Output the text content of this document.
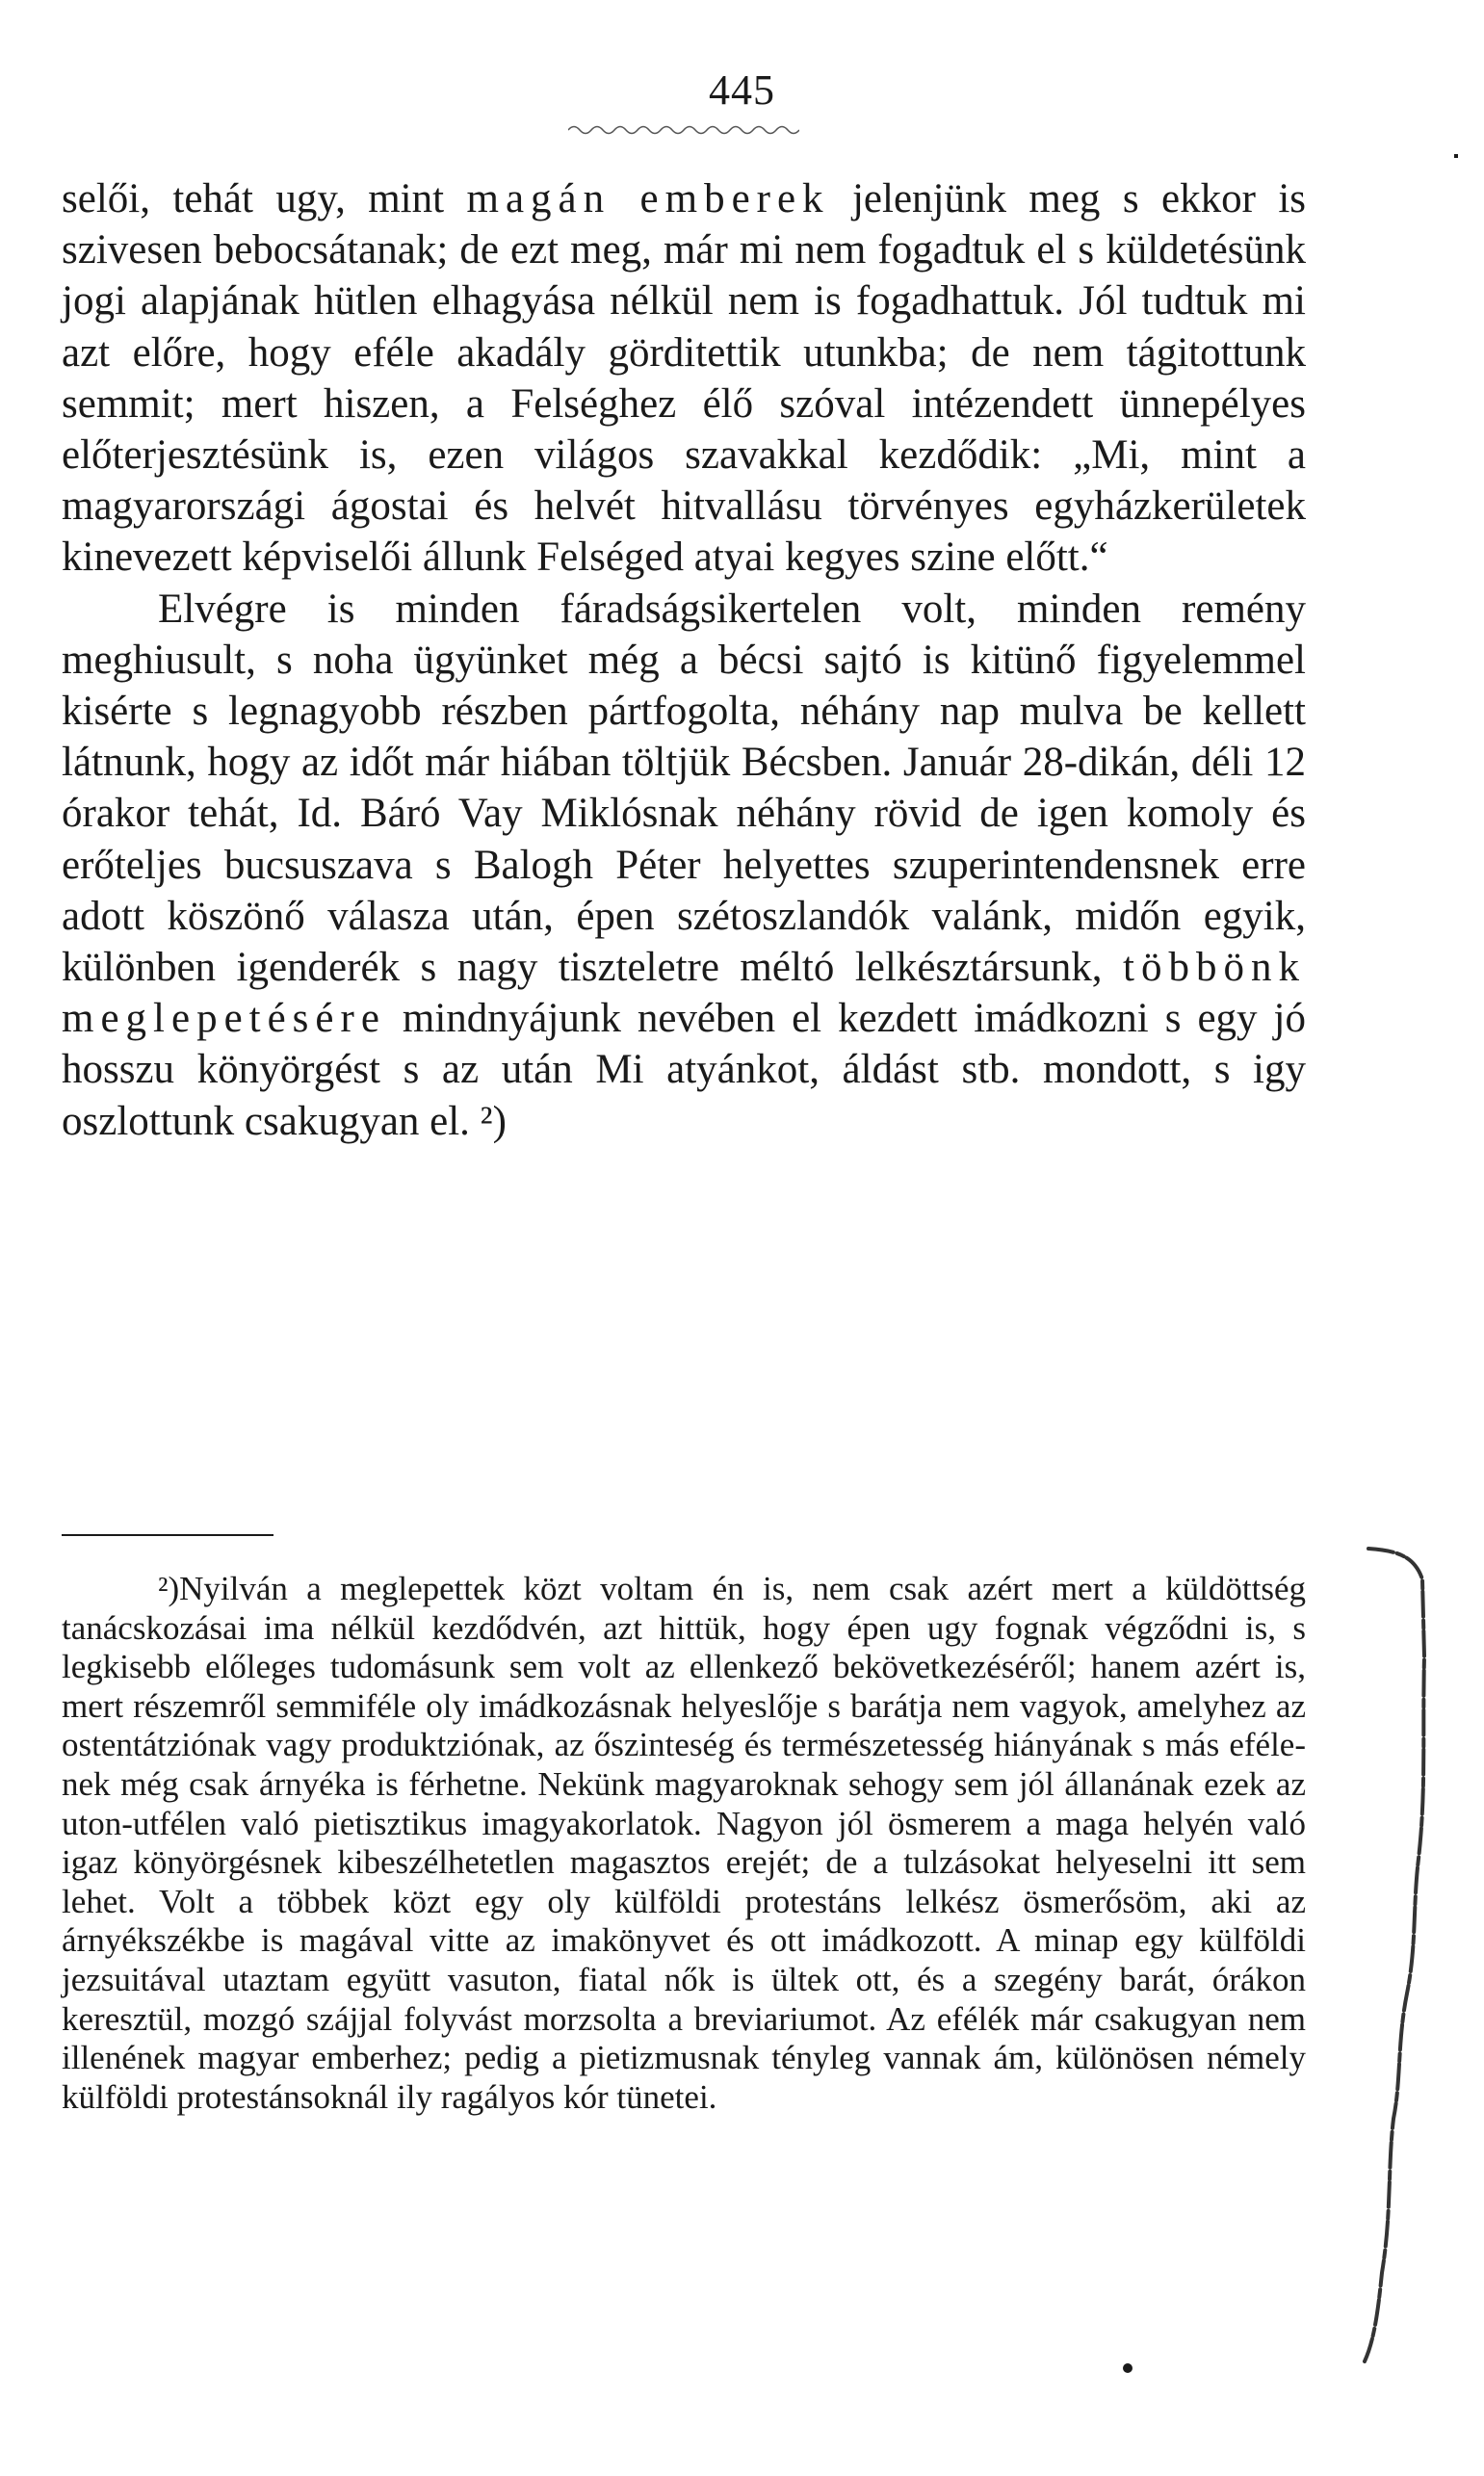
445

selői, tehát ugy, mint magán emberek jelenjünk meg s ekkor is szivesen bebocsátanak; de ezt meg, már mi nem fogadtuk el s küldetésünk jogi alapjának hütlen elhagyása nélkül nem is fogadhattuk. Jól tudtuk mi azt előre, hogy eféle akadály görditettik utunkba; de nem tágitottunk semmit; mert hiszen, a Felséghez élő szóval intézendett ünnepélyes előterjesztésünk is, ezen világos szavakkal kezdődik: „Mi, mint a magyarországi ágostai és helvét hitvallásu törvényes egyházkerületek kinevezett képviselői állunk Felséged atyai kegyes szine előtt.“

Elvégre is minden fáradságsikertelen volt, minden remény meghiusult, s noha ügyünket még a bécsi sajtó is kitünő figyelemmel kisérte s legnagyobb részben pártfogolta, néhány nap mulva be kellett látnunk, hogy az időt már hiában töltjük Bécsben. Január 28-dikán, déli 12 órakor tehát, Id. Báró Vay Miklósnak néhány rövid de igen komoly és erőteljes bucsuszava s Balogh Péter helyettes szuperintendensnek erre adott köszönő válasza után, épen szétoszlandók valánk, midőn egyik, különben igenderék s nagy tiszteletre méltó lelkésztársunk, többönk meglepetésére mindnyájunk nevében el kezdett imádkozni s egy jó hosszu könyörgést s az után Mi atyánkot, áldást stb. mondott, s igy oszlottunk csakugyan el. ²)

²)Nyilván a meglepettek közt voltam én is, nem csak azért mert a küldöttség tanácskozásai ima nélkül kezdődvén, azt hittük, hogy épen ugy fognak végződni is, s legkisebb előleges tudomásunk sem volt az ellenkező bekövetkezéséről; hanem azért is, mert részemről semmiféle oly imádkozásnak helyeslője s barátja nem vagyok, amelyhez az ostentátziónak vagy produktziónak, az őszinteség és természetesség hiányának s más efélenek még csak árnyéka is férhetne. Nekünk magyaroknak sehogy sem jól állanának ezek az uton-utfélen való pietisztikus imagyakorlatok. Nagyon jól ösmerem a maga helyén való igaz könyörgésnek kibeszélhetetlen magasztos erejét; de a tulzásokat helyeselni itt sem lehet. Volt a többek közt egy oly külföldi protestáns lelkész ösmerősöm, aki az árnyékszékbe is magával vitte az imakönyvet és ott imádkozott. A minap egy külföldi jezsuitával utaztam együtt vasuton, fiatal nők is ültek ott, és a szegény barát, órákon keresztül, mozgó szájjal folyvást morzsolta a breviariumot. Az efélék már csakugyan nem illenének magyar emberhez; pedig a pietizmusnak tényleg vannak ám, különösen némely külföldi protestánsoknál ily ragályos kór tünetei.
